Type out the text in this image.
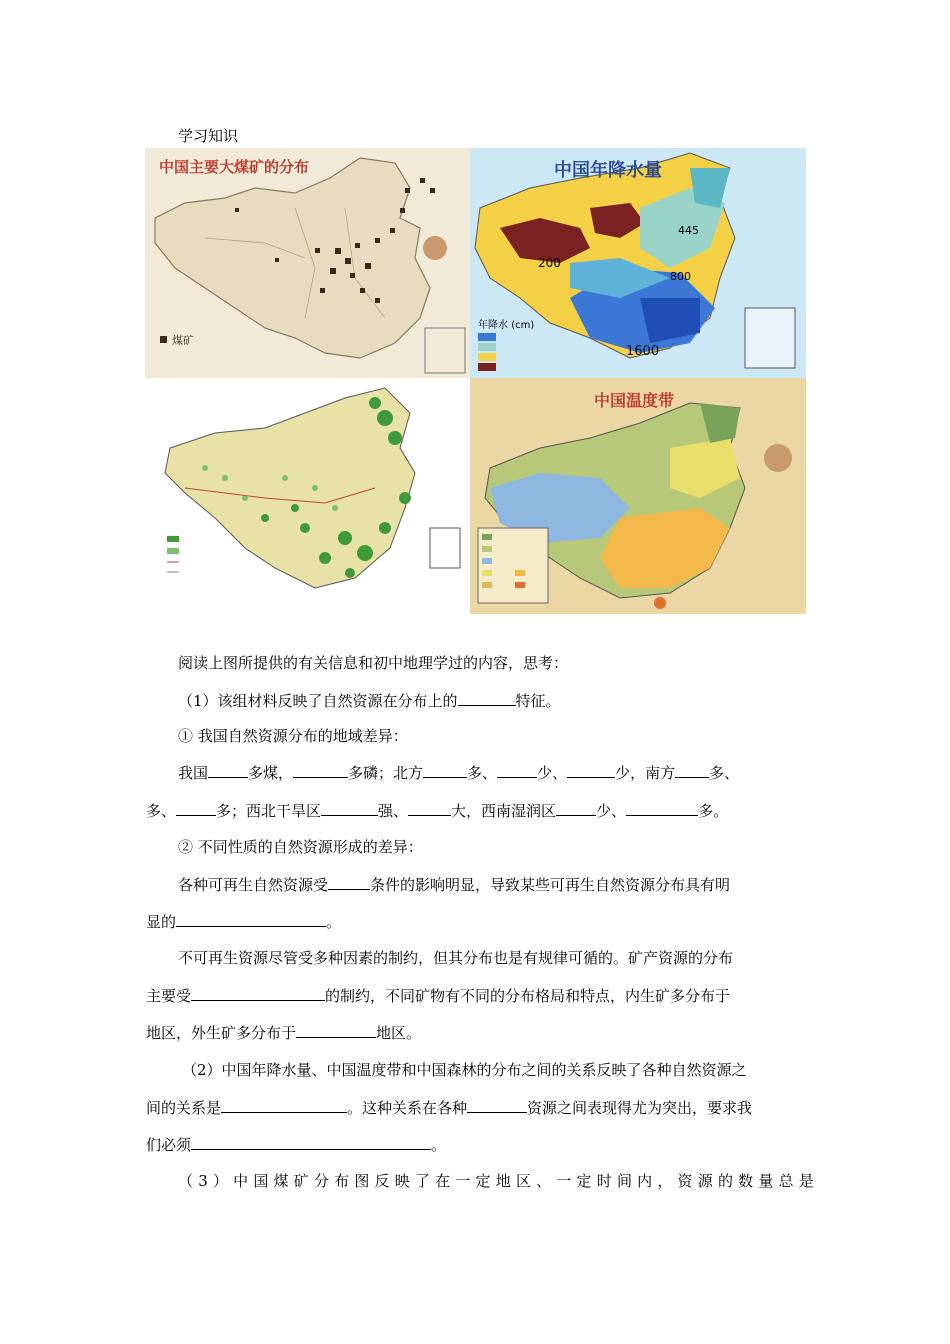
学习知识
中国主要大煤矿的分布
煤矿
中国年降水量
445
200
800
1600
年降水 (cm)
中国温度带
阅读上图所提供的有关信息和初中地理学过的内容，思考：
（1）该组材料反映了自然资源在分布上的	特征。
① 我国自然资源分布的地域差异：
我国	多煤，	多磷；北方	多、	少、	少，南方 多、
多、	多；西北干旱区	强、	大，西南湿润区	少、	多。
② 不同性质的自然资源形成的差异：
各种可再生自然资源受	条件的影响明显，导致某些可再生自然资源分布具有明
显的	。
不可再生资源尽管受多种因素的制约，但其分布也是有规律可循的。矿产资源的分布
主要受	的制约，不同矿物有不同的分布格局和特点，内生矿多分布于
地区，外生矿多分布于	地区。
（2）中国年降水量、中国温度带和中国森林的分布之间的关系反映了各种自然资源之
间的关系是	。这种关系在各种	资源之间表现得尤为突出，要求我
们必须	。
（3）中国煤矿分布图反映了在一定地区、一定时间内，资源的数量总是
